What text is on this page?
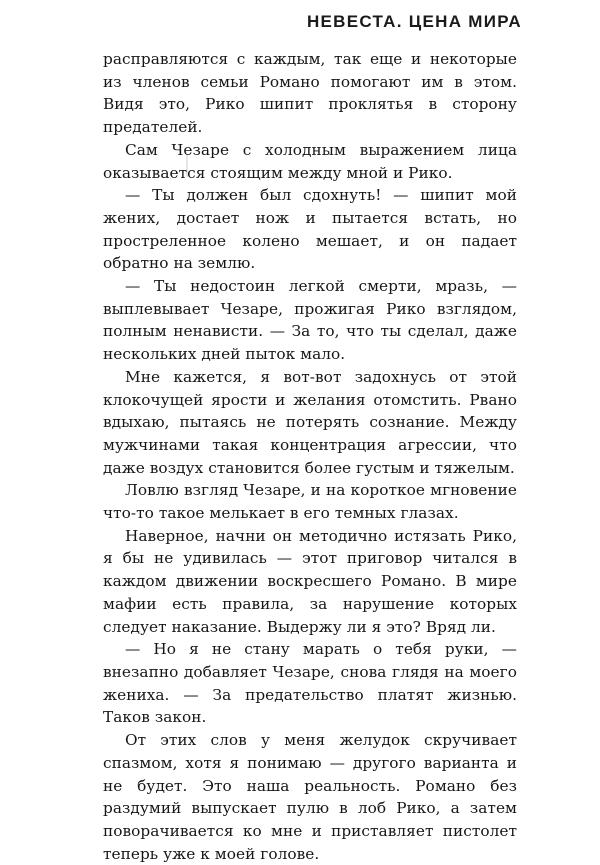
НЕВЕСТА. ЦЕНА МИРА

расправляются с каждым, так еще и некоторые из членов семьи Романо помогают им в этом. Видя это, Рико шипит проклятья в сторону предателей.

Сам Чезаре с холодным выражением лица оказывается стоящим между мной и Рико.

— Ты должен был сдохнуть! — шипит мой жених, достает нож и пытается встать, но простреленное колено мешает, и он падает обратно на землю.

— Ты недостоин легкой смерти, мразь, — выплевывает Чезаре, прожигая Рико взглядом, полным ненависти. — За то, что ты сделал, даже нескольких дней пыток мало.

Мне кажется, я вот-вот задохнусь от этой клокочущей ярости и желания отомстить. Рвано вдыхаю, пытаясь не потерять сознание. Между мужчинами такая концентрация агрессии, что даже воздух становится более густым и тяжелым.

Ловлю взгляд Чезаре, и на короткое мгновение что-то такое мелькает в его темных глазах.

Наверное, начни он методично истязать Рико, я бы не удивилась — этот приговор читался в каждом движении воскресшего Романо. В мире мафии есть правила, за нарушение которых следует наказание. Выдержу ли я это? Вряд ли.

— Но я не стану марать о тебя руки, — внезапно добавляет Чезаре, снова глядя на моего жениха. — За предательство платят жизнью. Таков закон.

От этих слов у меня желудок скручивает спазмом, хотя я понимаю — другого варианта и не будет. Это наша реальность. Романо без раздумий выпускает пулю в лоб Рико, а затем поворачивается ко мне и приставляет пистолет теперь уже к моей голове.
